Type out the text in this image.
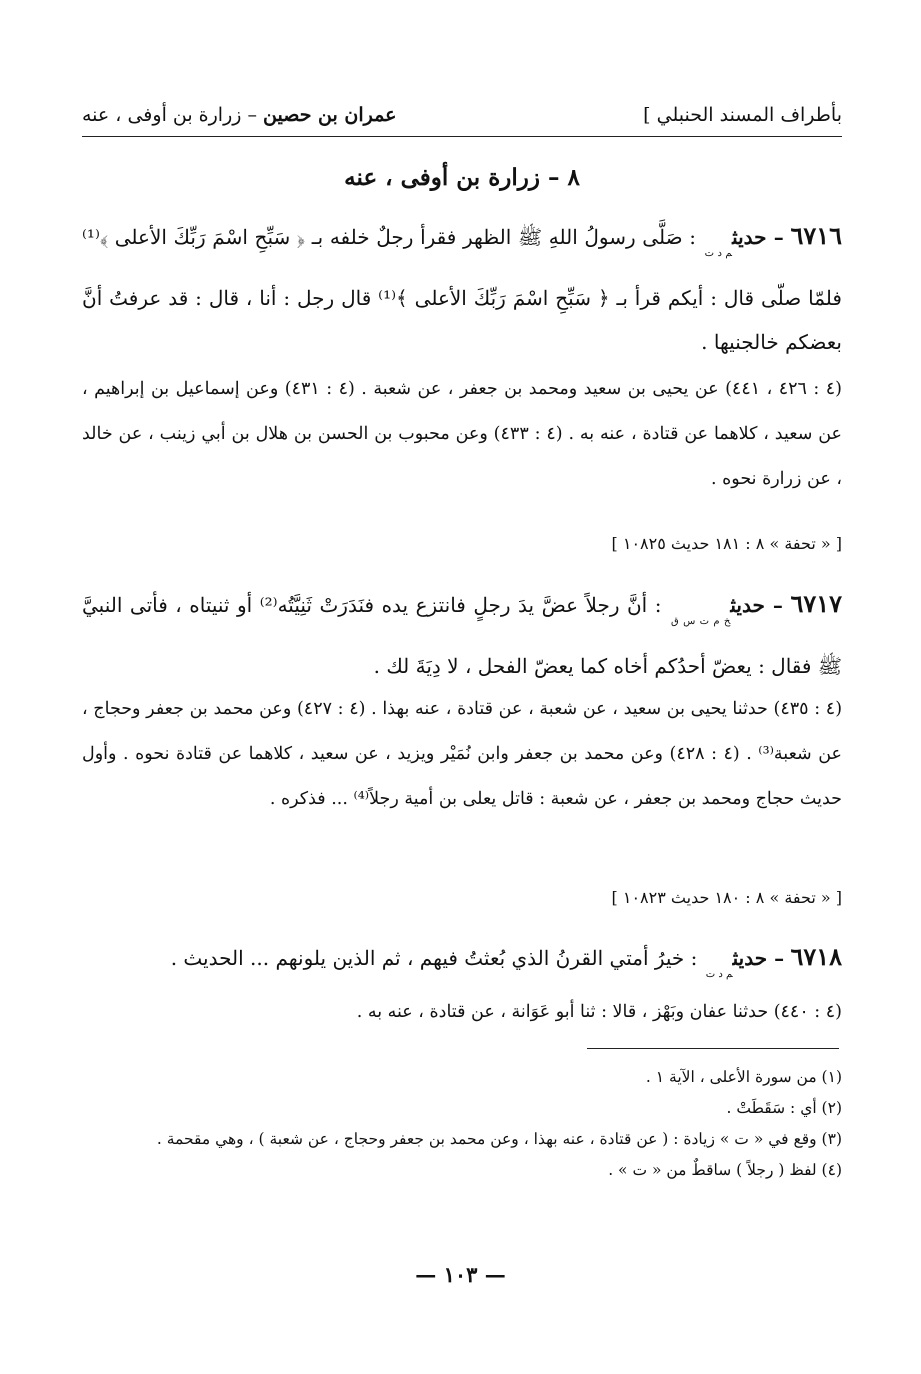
بأطراف المسند الحنبلي ]
عمران بن حصين – زرارة بن أوفى ، عنه
٨ – زرارة بن أوفى ، عنه
٦٧١٦ – حديث$_{م د ت}$ : صَلَّى رسولُ اللهِ ﷺ الظهر فقرأ رجلٌ خلفه بـ ﴿ سَبِّحِ اسْمَ رَبِّكَ الأعلى ﴾⁽¹⁾ فلمّا صلّى قال : أيكم قرأ بـ ﴿ سَبِّحِ اسْمَ رَبِّكَ الأعلى ﴾⁽¹⁾ قال رجل : أنا ، قال : قد عرفتُ أنَّ بعضكم خالجنيها .
(٤ : ٤٢٦ ، ٤٤١) عن يحيى بن سعيد ومحمد بن جعفر ، عن شعبة . (٤ : ٤٣١) وعن إسماعيل بن إبراهيم ، عن سعيد ، كلاهما عن قتادة ، عنه به . (٤ : ٤٣٣) وعن محبوب بن الحسن بن هلال بن أبي زينب ، عن خالد ، عن زرارة نحوه .
[ « تحفة » ٨ : ١٨١ حديث ١٠٨٢٥ ]
٦٧١٧ – حديث$_{خ م ت س ق}$ : أنَّ رجلاً عضَّ يدَ رجلٍ فانتزع يده فنَدَرَتْ ثَنِيَّتُه⁽²⁾ أو ثنيتاه ، فأتى النبيَّ ﷺ فقال : يعضّ أحدُكم أخاه كما يعضّ الفحل ، لا دِيَةَ لك .
(٤ : ٤٣٥) حدثنا يحيى بن سعيد ، عن شعبة ، عن قتادة ، عنه بهذا . (٤ : ٤٢٧) وعن محمد بن جعفر وحجاج ، عن شعبة⁽³⁾ . (٤ : ٤٢٨) وعن محمد بن جعفر وابن نُمَيْر ويزيد ، عن سعيد ، كلاهما عن قتادة نحوه . وأول حديث حجاج ومحمد بن جعفر ، عن شعبة : قاتل يعلى بن أمية رجلاً⁽⁴⁾ ... فذكره .
[ « تحفة » ٨ : ١٨٠ حديث ١٠٨٢٣ ]
٦٧١٨ – حديث$_{م د ت}$ : خيرُ أمتي القرنُ الذي بُعثتُ فيهم ، ثم الذين يلونهم ... الحديث .
(٤ : ٤٤٠) حدثنا عفان وبَهْز ، قالا : ثنا أبو عَوَانة ، عن قتادة ، عنه به .
(١) من سورة الأعلى ، الآية ١ .
(٢) أي : سَقَطَتْ .
(٣) وقع في « ت » زيادة : ( عن قتادة ، عنه بهذا ، وعن محمد بن جعفر وحجاج ، عن شعبة ) ، وهي مقحمة .
(٤) لفظ ( رجلاً ) ساقطٌ من « ت » .
— ١٠٣ —
